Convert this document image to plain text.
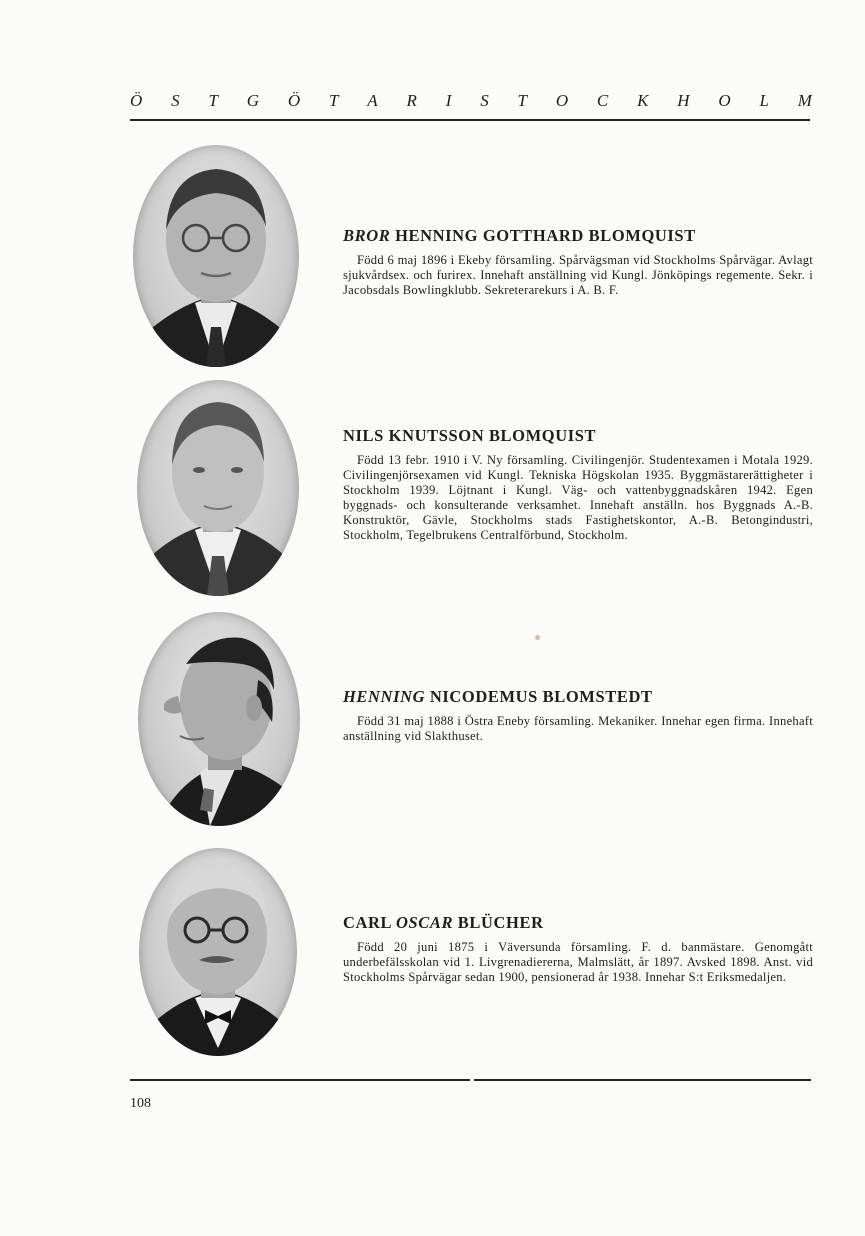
Ö S T G Ö T A R I S T O C K H O L M
BROR HENNING GOTTHARD BLOMQUIST

Född 6 maj 1896 i Ekeby församling. Spårvägsman vid Stockholms Spårvägar. Avlagt sjukvårdsex. och furirex. Innehaft anställning vid Kungl. Jönköpings regemente. Sekr. i Jacobsdals Bowlingklubb. Sekreterarekurs i A. B. F.

NILS KNUTSSON BLOMQUIST

Född 13 febr. 1910 i V. Ny församling. Civilingenjör. Studentexamen i Motala 1929. Civilingenjörsexamen vid Kungl. Tekniska Högskolan 1935. Byggmästarerättigheter i Stockholm 1939. Löjtnant i Kungl. Väg- och vattenbyggnadskåren 1942. Egen byggnads- och konsulterande verksamhet. Innehaft anställn. hos Byggnads A.-B. Konstruktör, Gävle, Stockholms stads Fastighetskontor, A.-B. Betongindustri, Stockholm, Tegelbrukens Centralförbund, Stockholm.

HENNING NICODEMUS BLOMSTEDT

Född 31 maj 1888 i Östra Eneby församling. Mekaniker. Innehar egen firma. Innehaft anställning vid Slakthuset.

CARL OSCAR BLÜCHER

Född 20 juni 1875 i Väversunda församling. F. d. banmästare. Genomgått underbefälsskolan vid 1. Livgrenadiererna, Malmslätt, år 1897. Avsked 1898. Anst. vid Stockholms Spårvägar sedan 1900, pensionerad år 1938. Innehar S:t Eriksmedaljen.

108
